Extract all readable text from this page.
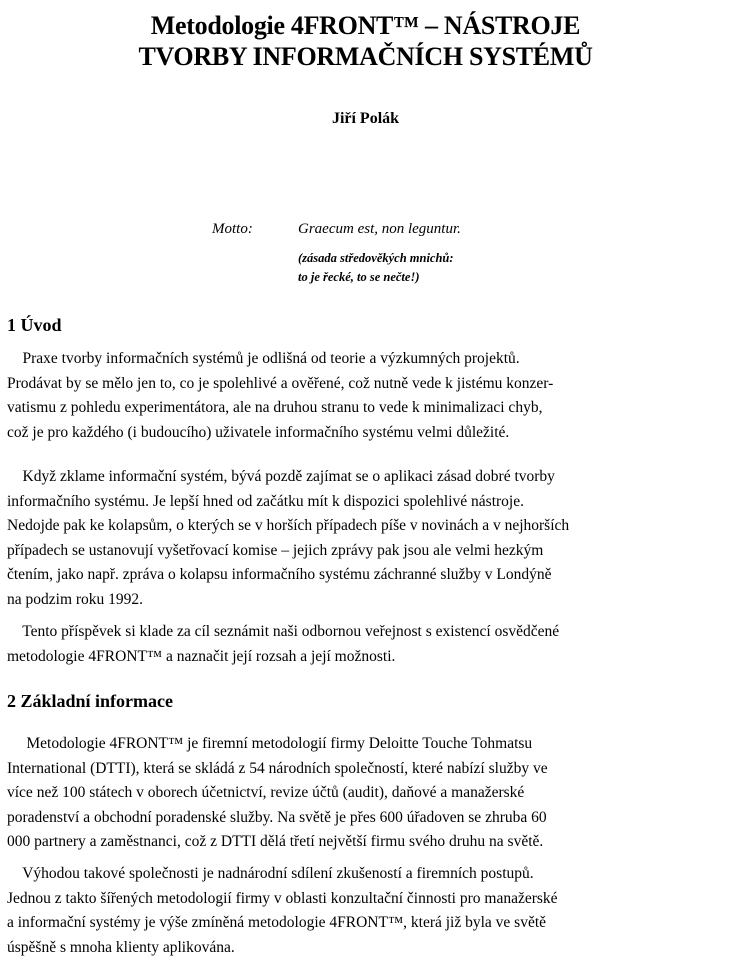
Metodologie 4FRONT™ – NÁSTROJE
TVORBY INFORMAČNÍCH SYSTÉMŮ
Jiří Polák
Motto:	Graecum est, non leguntur.
(zásada středověkých mnichů:
to je řecké, to se nečte!)
1 Úvod
Praxe tvorby informačních systémů je odlišná od teorie a výzkumných projektů.
Prodávat by se mělo jen to, co je spolehlivé a ověřené, což nutně vede k jistému konzer-
vatismu z pohledu experimentátora, ale na druhou stranu to vede k minimalizaci chyb,
což je pro každého (i budoucího) uživatele informačního systému velmi důležité.
Když zklame informační systém, bývá pozdě zajímat se o aplikaci zásad dobré tvorby
informačního systému. Je lepší hned od začátku mít k dispozici spolehlivé nástroje.
Nedojde pak ke kolapsům, o kterých se v horších případech píše v novinách a v nejhorších
případech se ustanovují vyšetřovací komise – jejich zprávy pak jsou ale velmi hezkým
čtením, jako např. zpráva o kolapsu informačního systému záchranné služby v Londýně
na podzim roku 1992.
Tento příspěvek si klade za cíl seznámit naši odbornou veřejnost s existencí osvědčené
metodologie 4FRONT™ a naznačit její rozsah a její možnosti.
2 Základní informace
Metodologie 4FRONT™ je firemní metodologií firmy Deloitte Touche Tohmatsu
International (DTTI), která se skládá z 54 národních společností, které nabízí služby ve
více než 100 státech v oborech účetnictví, revize účtů (audit), daňové a manažerské
poradenství a obchodní poradenské služby. Na světě je přes 600 úřadoven se zhruba 60
000 partnery a zaměstnanci, což z DTTI dělá třetí největší firmu svého druhu na světě.
Výhodou takové společnosti je nadnárodní sdílení zkušeností a firemních postupů.
Jednou z takto šířených metodologií firmy v oblasti konzultační činnosti pro manažerské
a informační systémy je výše zmíněná metodologie 4FRONT™, která již byla ve světě
úspěšně s mnoha klienty aplikována.
